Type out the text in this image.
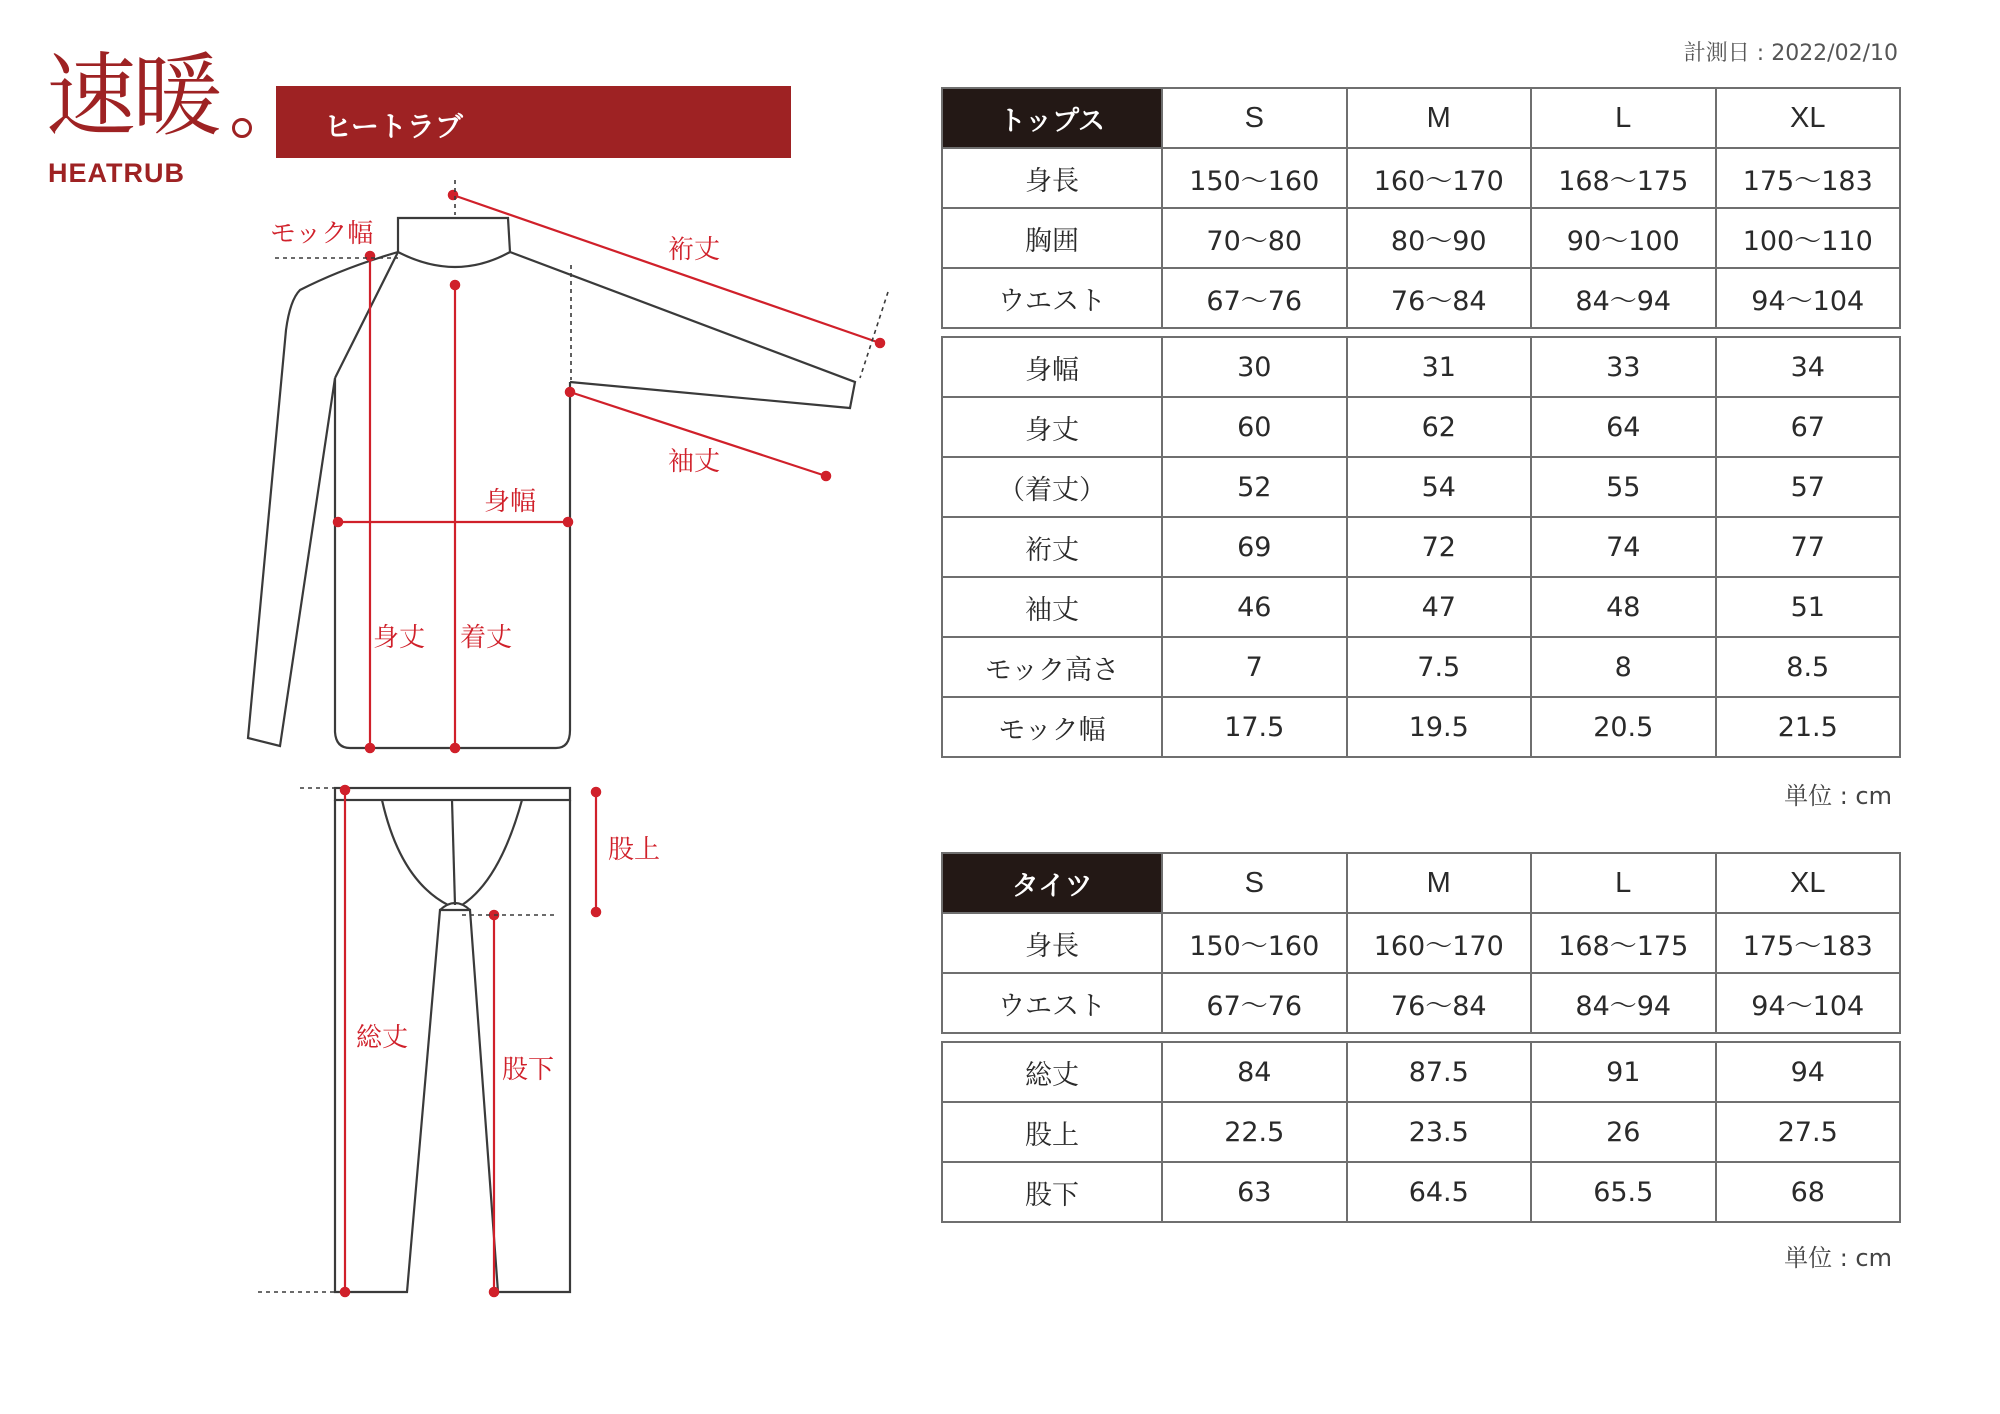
速暖
HEATRUB
ヒートラブ
計測日 : 2022/02/10
モック幅
裄丈
袖丈
身幅
身丈 着丈
股上
総丈
股下
トップス	S	M	L	XL
身長	150〜160	160〜170	168〜175	175〜183
胸囲	70〜80	80〜90	90〜100	100〜110
ウエスト	67〜76	76〜84	84〜94	94〜104

身幅	30	31	33	34
身丈	60	62	64	67
（着丈）	52	54	55	57
裄丈	69	72	74	77
袖丈	46	47	48	51
モック高さ	7	7.5	8	8.5
モック幅	17.5	19.5	20.5	21.5
単位 : cm
タイツ	S	M	L	XL
身長	150〜160	160〜170	168〜175	175〜183
ウエスト	67〜76	76〜84	84〜94	94〜104

総丈	84	87.5	91	94
股上	22.5	23.5	26	27.5
股下	63	64.5	65.5	68
単位 : cm
